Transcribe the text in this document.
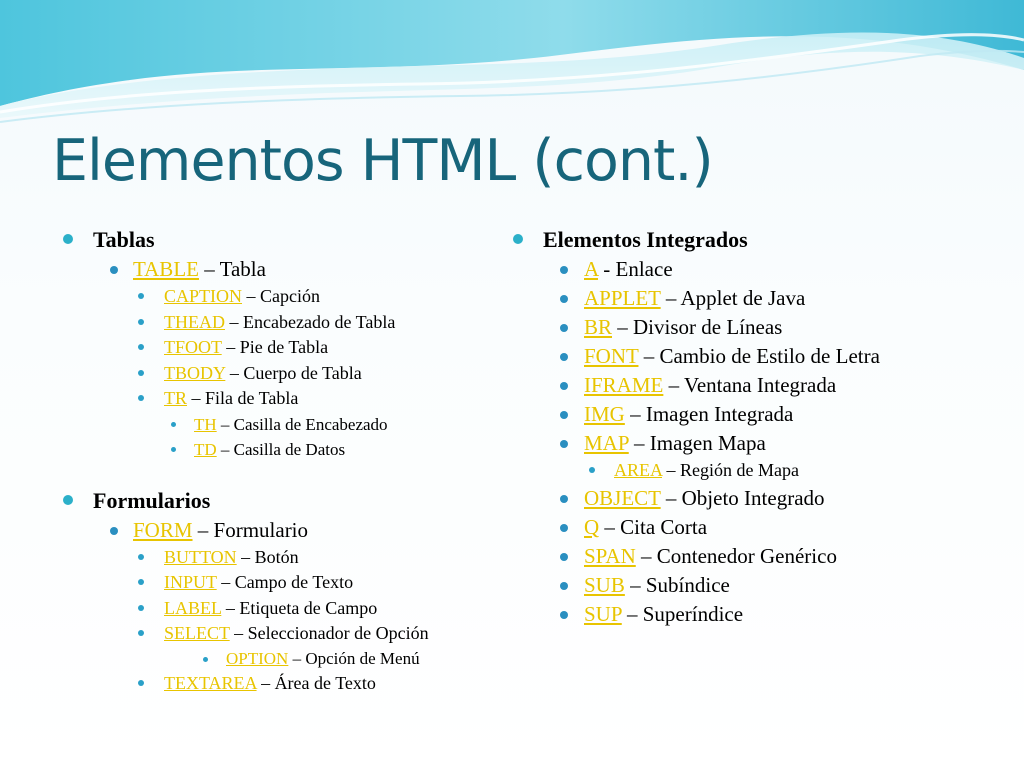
Elementos HTML (cont.)
Tablas
TABLE – Tabla
CAPTION – Capción
THEAD – Encabezado de Tabla
TFOOT – Pie de Tabla
TBODY – Cuerpo de Tabla
TR – Fila de Tabla
TH – Casilla de Encabezado
TD – Casilla de Datos
Formularios
FORM – Formulario
BUTTON – Botón
INPUT – Campo de Texto
LABEL – Etiqueta de Campo
SELECT – Seleccionador de Opción
OPTION – Opción de Menú
TEXTAREA – Área de Texto
Elementos Integrados
A - Enlace
APPLET – Applet de Java
BR – Divisor de Líneas
FONT – Cambio de Estilo de Letra
IFRAME – Ventana Integrada
IMG – Imagen Integrada
MAP – Imagen Mapa
AREA – Región de Mapa
OBJECT – Objeto Integrado
Q – Cita Corta
SPAN – Contenedor Genérico
SUB – Subíndice
SUP – Superíndice
